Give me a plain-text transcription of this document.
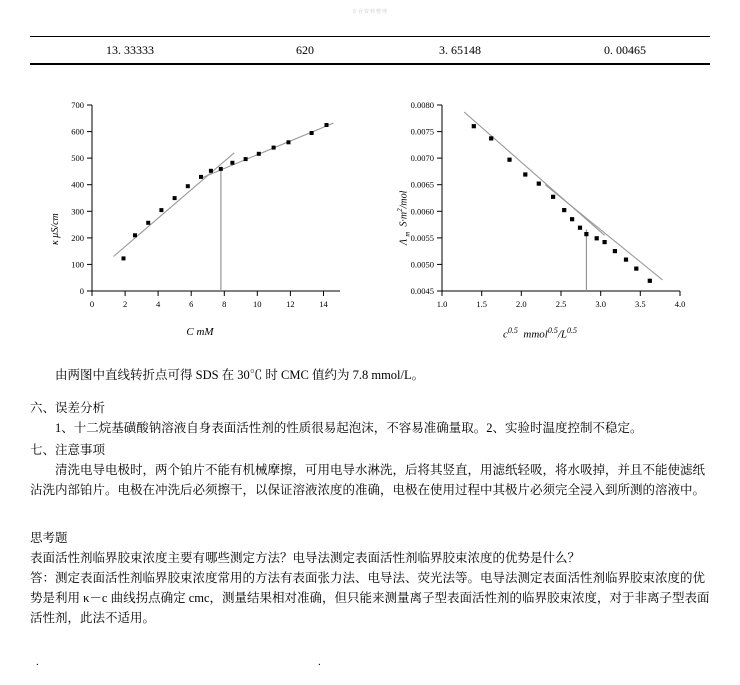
专业资料整理
13. 33333	620	3. 65148	0. 00465
0
100
200
300
400
500
600
700
0	2	4	6	8	10	12	14
C mM
κ μS/cm
0.0045
0.0050
0.0055
0.0060
0.0065
0.0070
0.0075
0.0080
1.0	1.5	2.0	2.5	3.0	3.5	4.0
$c^{0.5}$  $mmol^{0.5}/L^{0.5}$
Λ $_m$  $S\cdot m^2$/mol

由两图中直线转折点可得 SDS 在 30℃ 时 CMC 值约为 7.8 mmol/L。

六、误差分析

1、十二烷基磺酸钠溶液自身表面活性剂的性质很易起泡沫，不容易准确量取。2、实验时温度控制不稳定。

七、注意事项

清洗电导电极时，两个铂片不能有机械摩擦，可用电导水淋洗，后将其竖直，用滤纸轻吸，将水吸掉，并且不能使滤纸沾洗内部铂片。电极在冲洗后必须擦干，以保证溶液浓度的准确，电极在使用过程中其极片必须完全浸入到所测的溶液中。

思考题

表面活性剂临界胶束浓度主要有哪些测定方法？电导法测定表面活性剂临界胶束浓度的优势是什么？

答：测定表面活性剂临界胶束浓度常用的方法有表面张力法、电导法、荧光法等。电导法测定表面活性剂临界胶束浓度的优势是利用 κ－c 曲线拐点确定 cmc，测量结果相对准确，但只能来测量离子型表面活性剂的临界胶束浓度，对于非离子型表面活性剂，此法不适用。

.	.
